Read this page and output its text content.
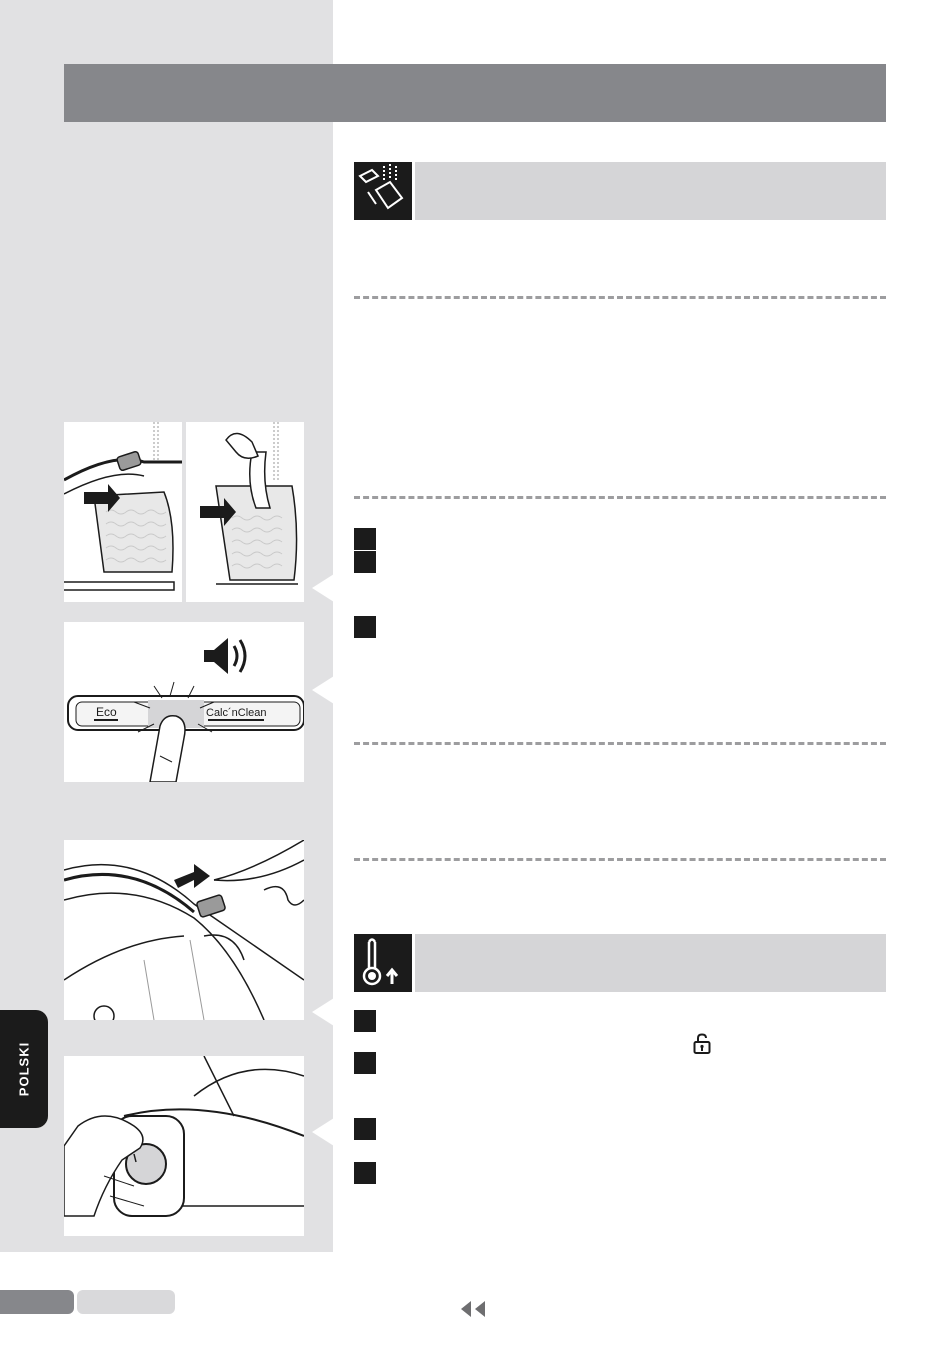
Eco	Calc´nClean
POLSKI
